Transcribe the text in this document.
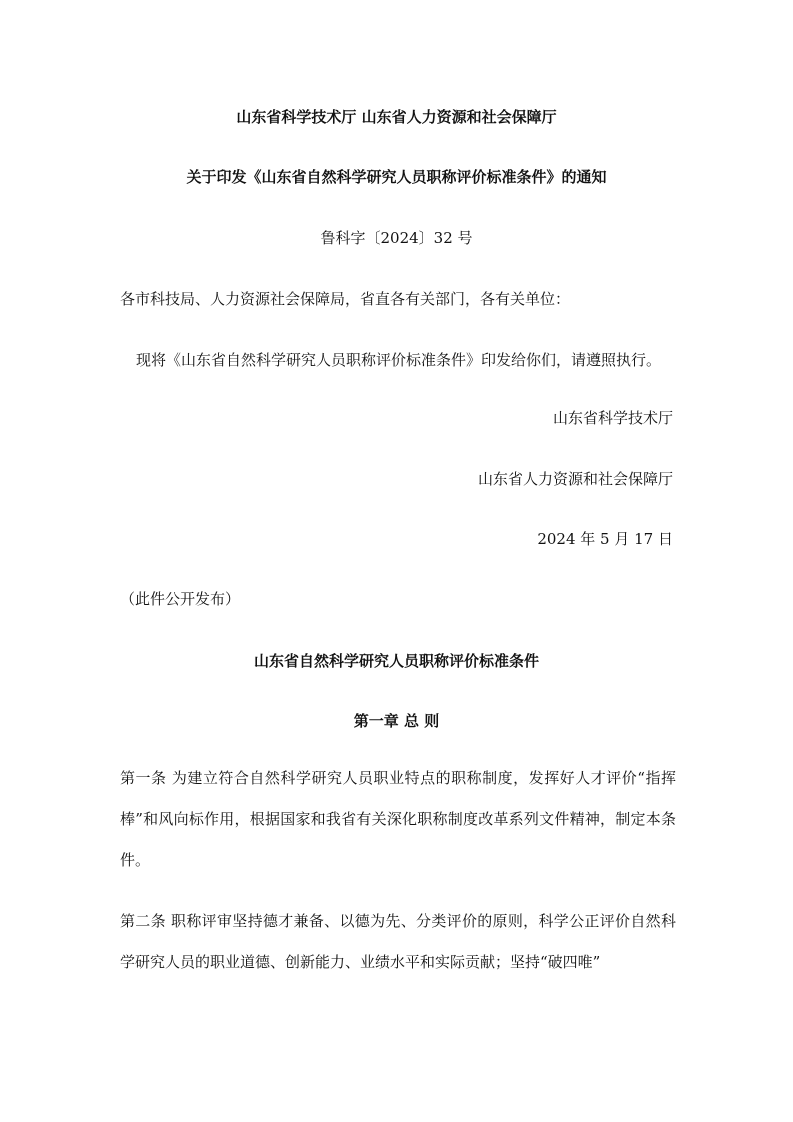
山东省科学技术厅 山东省人力资源和社会保障厅
关于印发《山东省自然科学研究人员职称评价标准条件》的通知
鲁科字〔2024〕32 号
各市科技局、人力资源社会保障局，省直各有关部门，各有关单位：
现将《山东省自然科学研究人员职称评价标准条件》印发给你们，请遵照执行。
山东省科学技术厅
山东省人力资源和社会保障厅
2024 年 5 月 17 日
（此件公开发布）
山东省自然科学研究人员职称评价标准条件
第一章 总 则
第一条 为建立符合自然科学研究人员职业特点的职称制度，发挥好人才评价“指挥棒”和风向标作用，根据国家和我省有关深化职称制度改革系列文件精神，制定本条件。
第二条 职称评审坚持德才兼备、以德为先、分类评价的原则，科学公正评价自然科学研究人员的职业道德、创新能力、业绩水平和实际贡献；坚持“破四唯”
